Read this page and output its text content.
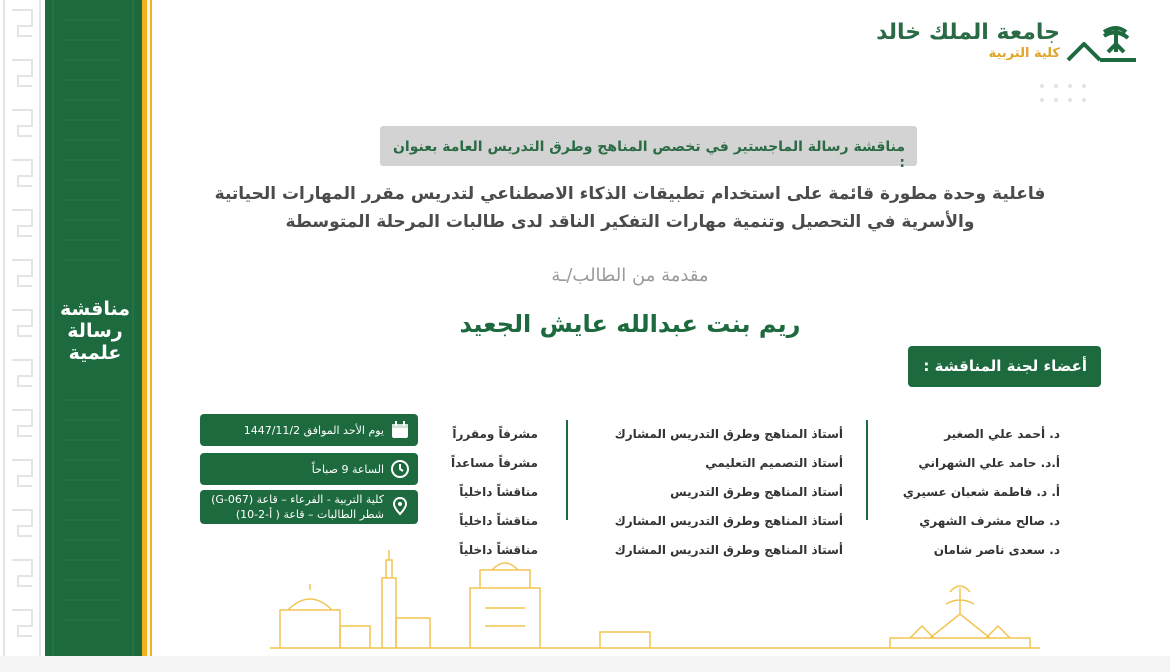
مناقشة
رسالة
علمية
جامعة الملك خالد
كلية التربية
مناقشة رسالة الماجستير في تخصص المناهج وطرق التدريس العامة بعنوان :
فاعلية وحدة مطورة قائمة على استخدام تطبيقات الذكاء الاصطناعي لتدريس مقرر المهارات الحياتية
والأسرية في التحصيل وتنمية مهارات التفكير الناقد لدى طالبات المرحلة المتوسطة
مقدمة من الطالب/ـة
ريم بنت عبدالله عايش الجعيد
أعضاء لجنة المناقشة :
د. أحمد علي الصغير
أ.د. حامد علي الشهراني
أ. د. فاطمة شعبان عسيري
د. صالح مشرف الشهري
د. سعدى ناصر شامان
أستاذ المناهج وطرق التدريس المشارك
أستاذ التصميم التعليمي
أستاذ المناهج وطرق التدريس
أستاذ المناهج وطرق التدريس المشارك
أستاذ المناهج وطرق التدريس المشارك
مشرفاً ومقرراً
مشرفاً مساعداً
مناقشاً داخلياً
مناقشاً داخلياً
مناقشاً داخلياً
يوم الأحد الموافق 1447/11/2
الساعة 9 صباحاً
كلية التربية - الفرعاء – قاعة (G-067)
شطر الطالبات – قاعة ( أ-2-10)
